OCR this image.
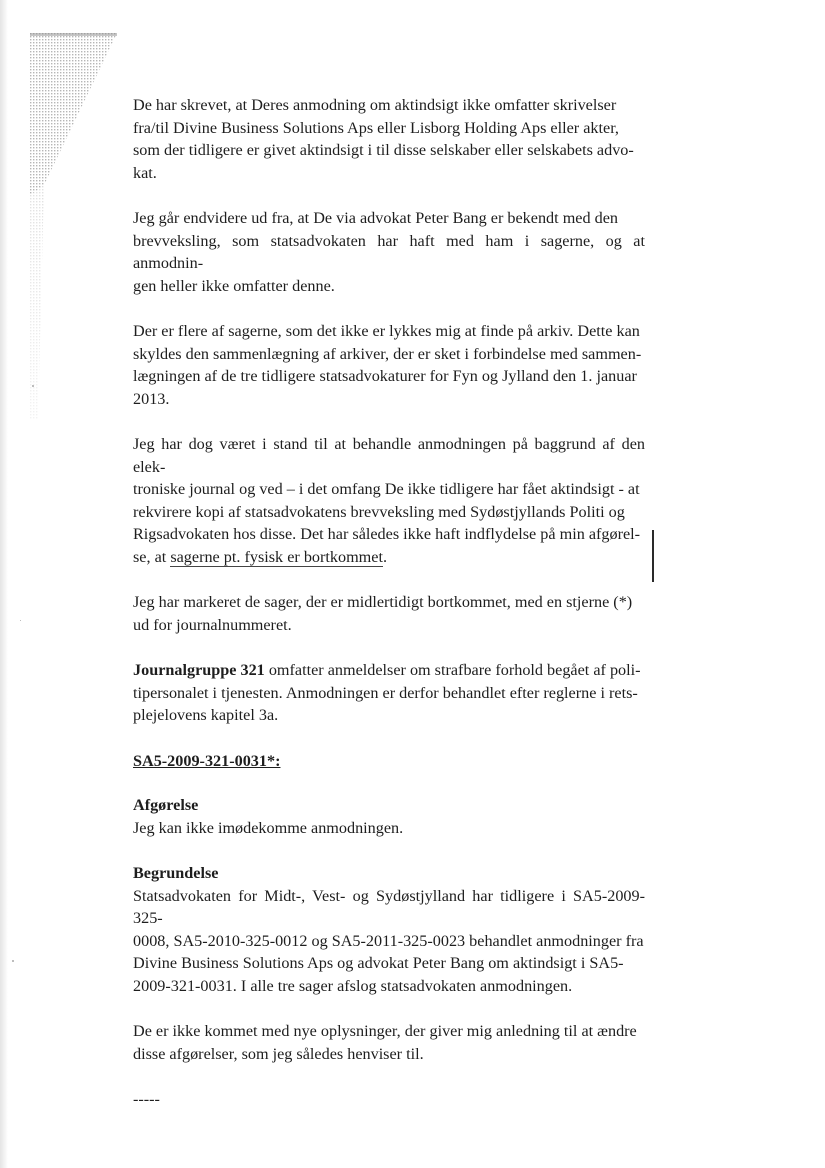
De har skrevet, at Deres anmodning om aktindsigt ikke omfatter skrivelser
fra/til Divine Business Solutions Aps eller Lisborg Holding Aps eller akter,
som der tidligere er givet aktindsigt i til disse selskaber eller selskabets advo-
kat.

Jeg går endvidere ud fra, at De via advokat Peter Bang er bekendt med den
brevveksling, som statsadvokaten har haft med ham i sagerne, og at anmodnin-
gen heller ikke omfatter denne.

Der er flere af sagerne, som det ikke er lykkes mig at finde på arkiv. Dette kan
skyldes den sammenlægning af arkiver, der er sket i forbindelse med sammen-
lægningen af de tre tidligere statsadvokaturer for Fyn og Jylland den 1. januar
2013.

Jeg har dog været i stand til at behandle anmodningen på baggrund af den elek-
troniske journal og ved – i det omfang De ikke tidligere har fået aktindsigt - at
rekvirere kopi af statsadvokatens brevveksling med Sydøstjyllands Politi og
Rigsadvokaten hos disse. Det har således ikke haft indflydelse på min afgørel-
se, at sagerne pt. fysisk er bortkommet.

Jeg har markeret de sager, der er midlertidigt bortkommet, med en stjerne (*)
ud for journalnummeret.

Journalgruppe 321 omfatter anmeldelser om strafbare forhold begået af poli-
tipersonalet i tjenesten. Anmodningen er derfor behandlet efter reglerne i rets-
plejelovens kapitel 3a.

SA5-2009-321-0031*:

Afgørelse
Jeg kan ikke imødekomme anmodningen.

Begrundelse
Statsadvokaten for Midt-, Vest- og Sydøstjylland har tidligere i SA5-2009-325-
0008, SA5-2010-325-0012 og SA5-2011-325-0023 behandlet anmodninger fra
Divine Business Solutions Aps og advokat Peter Bang om aktindsigt i SA5-
2009-321-0031. I alle tre sager afslog statsadvokaten anmodningen.

De er ikke kommet med nye oplysninger, der giver mig anledning til at ændre
disse afgørelser, som jeg således henviser til.

-----
